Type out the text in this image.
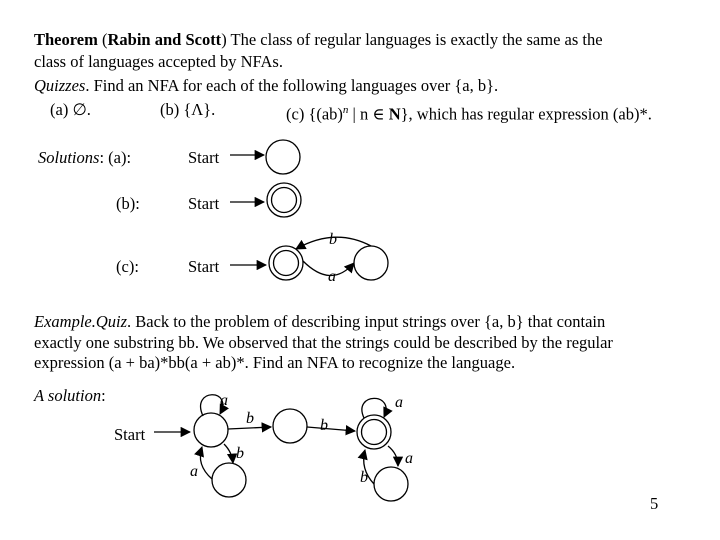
Theorem (Rabin and Scott) The class of regular languages is exactly the same as the
class of languages accepted by NFAs.
Quizzes. Find an NFA for each of the following languages over {a, b}.
(a) ∅.	(b) {Λ}.	(c) {(ab)$^n$ | n ∈ N}, which has regular expression (ab)*.
Solutions: (a):
(b):
(c):
Start
Start
Start
Example.Quiz. Back to the problem of describing input strings over {a, b} that contain
exactly one substring bb. We observed that the strings could be described by the regular
expression (a + ba)*bb(a + ab)*. Find an NFA to recognize the language.
A solution:
Start
5
b
a
a
b
a
b	b
a
a
b
